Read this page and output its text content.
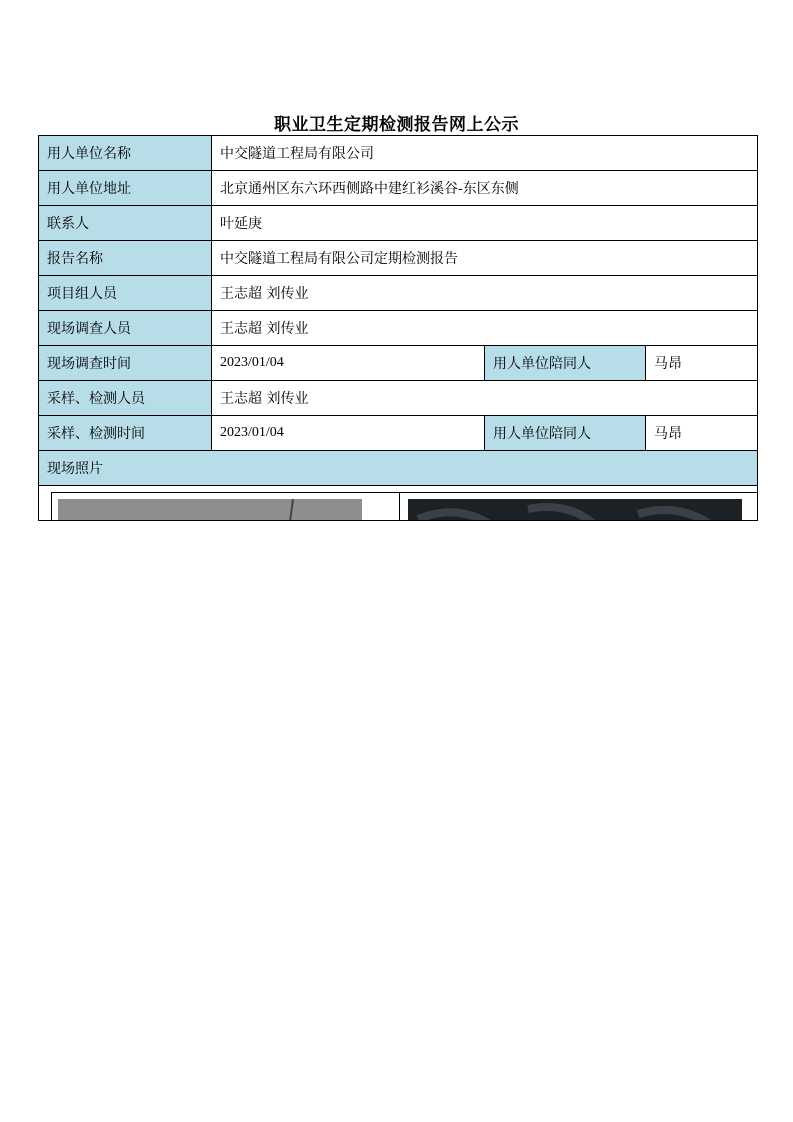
职业卫生定期检测报告网上公示
用人单位名称	中交隧道工程局有限公司		
用人单位地址	北京通州区东六环西侧路中建红衫溪谷-东区东侧		
联系人	叶延庚		
报告名称	中交隧道工程局有限公司定期检测报告		
项目组人员	王志超 刘传业		
现场调查人员	王志超 刘传业		
现场调查时间	2023/01/04	用人单位陪同人	马昂
采样、检测人员	王志超 刘传业		
采样、检测时间	2023/01/04	用人单位陪同人	马昂
现场照片			

VIP
BJS
北京首都公路发展集团有限公司
XYLFCHI			
